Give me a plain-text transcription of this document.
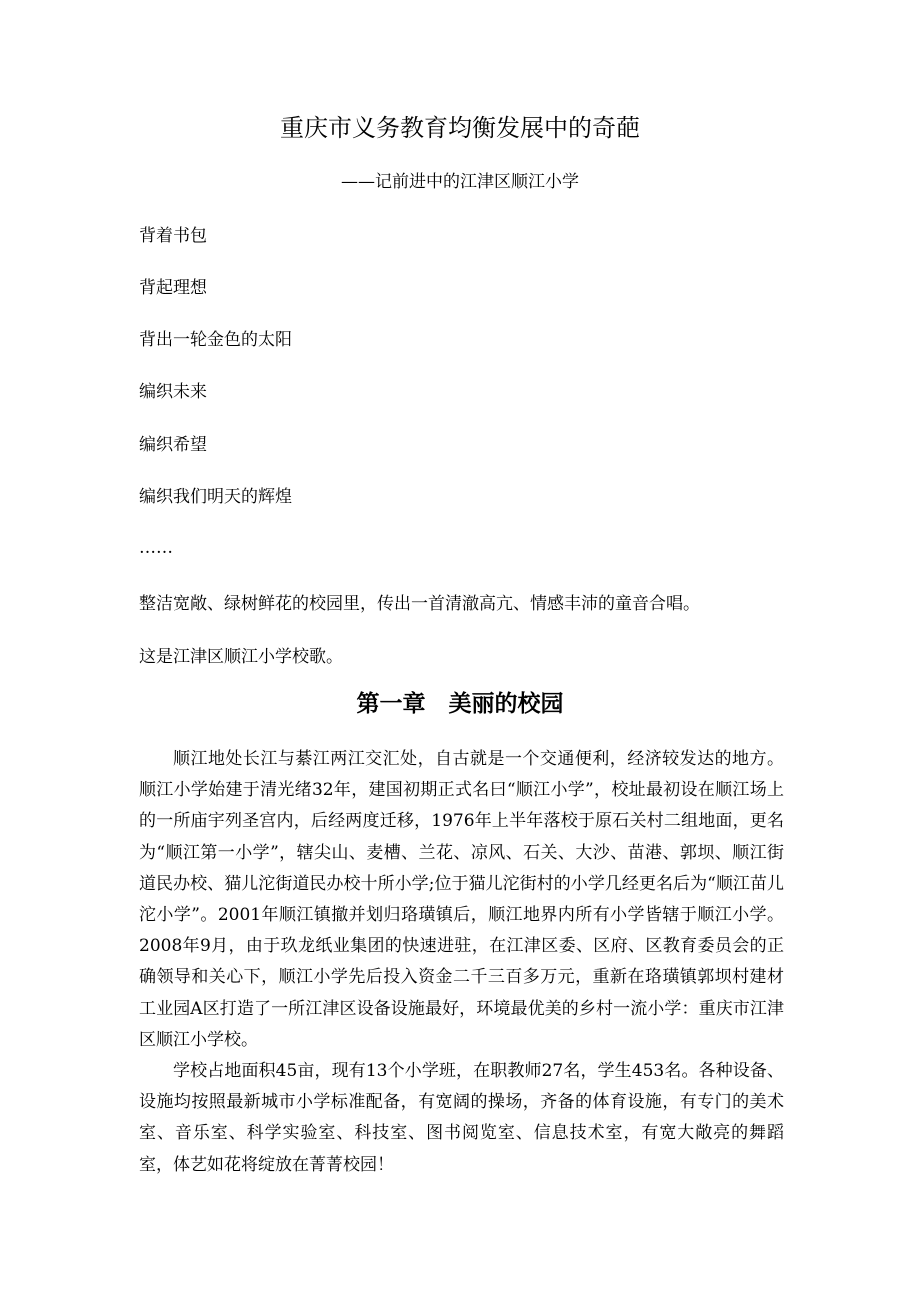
重庆市义务教育均衡发展中的奇葩
——记前进中的江津区顺江小学
背着书包
背起理想
背出一轮金色的太阳
编织未来
编织希望
编织我们明天的辉煌
……
整洁宽敞、绿树鲜花的校园里，传出一首清澈高亢、情感丰沛的童音合唱。
这是江津区顺江小学校歌。
第一章　美丽的校园

顺江地处长江与綦江两江交汇处，自古就是一个交通便利，经济较发达的地方。顺江小学始建于清光绪32年，建国初期正式名曰“顺江小学”，校址最初设在顺江场上的一所庙宇列圣宫内，后经两度迁移，1976年上半年落校于原石关村二组地面，更名为“顺江第一小学”，辖尖山、麦槽、兰花、凉风、石关、大沙、苗港、郭坝、顺江街道民办校、猫儿沱街道民办校十所小学;位于猫儿沱街村的小学几经更名后为“顺江苗儿沱小学”。2001年顺江镇撤并划归珞璜镇后，顺江地界内所有小学皆辖于顺江小学。2008年9月，由于玖龙纸业集团的快速进驻，在江津区委、区府、区教育委员会的正确领导和关心下，顺江小学先后投入资金二千三百多万元，重新在珞璜镇郭坝村建材工业园A区打造了一所江津区设备设施最好，环境最优美的乡村一流小学：重庆市江津区顺江小学校。

学校占地面积45亩，现有13个小学班，在职教师27名，学生453名。各种设备、设施均按照最新城市小学标准配备，有宽阔的操场，齐备的体育设施，有专门的美术室、音乐室、科学实验室、科技室、图书阅览室、信息技术室，有宽大敞亮的舞蹈室，体艺如花将绽放在菁菁校园！
